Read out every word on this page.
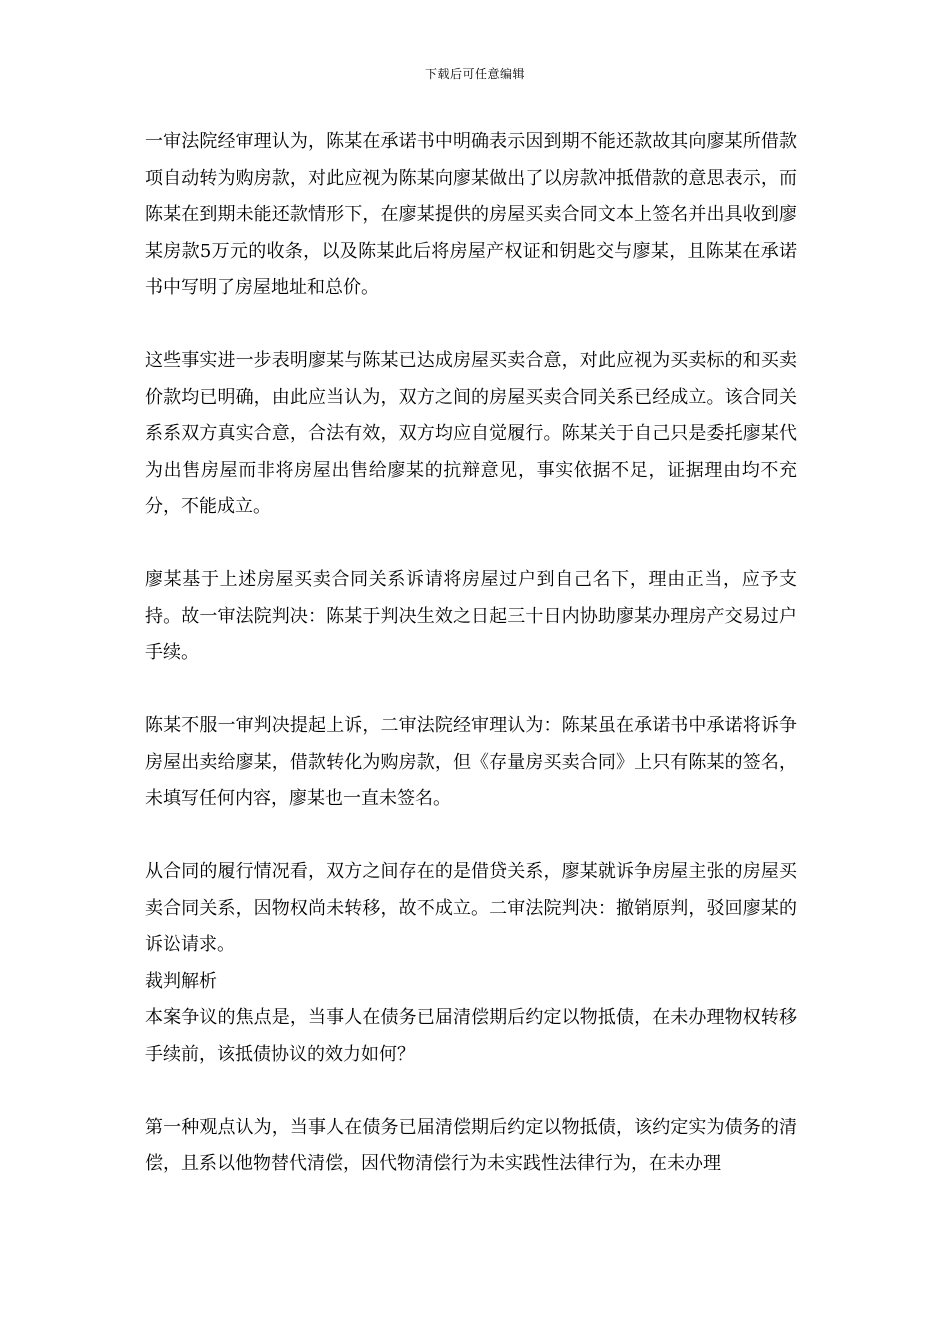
下载后可任意编辑

一审法院经审理认为，陈某在承诺书中明确表示因到期不能还款故其向廖某所借款项自动转为购房款，对此应视为陈某向廖某做出了以房款冲抵借款的意思表示，而陈某在到期未能还款情形下，在廖某提供的房屋买卖合同文本上签名并出具收到廖某房款5万元的收条，以及陈某此后将房屋产权证和钥匙交与廖某，且陈某在承诺书中写明了房屋地址和总价。

这些事实进一步表明廖某与陈某已达成房屋买卖合意，对此应视为买卖标的和买卖价款均已明确，由此应当认为，双方之间的房屋买卖合同关系已经成立。该合同关系系双方真实合意，合法有效，双方均应自觉履行。陈某关于自己只是委托廖某代为出售房屋而非将房屋出售给廖某的抗辩意见，事实依据不足，证据理由均不充分，不能成立。

廖某基于上述房屋买卖合同关系诉请将房屋过户到自己名下，理由正当，应予支持。故一审法院判决：陈某于判决生效之日起三十日内协助廖某办理房产交易过户手续。

陈某不服一审判决提起上诉，二审法院经审理认为：陈某虽在承诺书中承诺将诉争房屋出卖给廖某，借款转化为购房款，但《存量房买卖合同》上只有陈某的签名，未填写任何内容，廖某也一直未签名。

从合同的履行情况看，双方之间存在的是借贷关系，廖某就诉争房屋主张的房屋买卖合同关系，因物权尚未转移，故不成立。二审法院判决：撤销原判，驳回廖某的诉讼请求。

裁判解析

本案争议的焦点是，当事人在债务已届清偿期后约定以物抵债，在未办理物权转移手续前，该抵债协议的效力如何？

第一种观点认为，当事人在债务已届清偿期后约定以物抵债，该约定实为债务的清偿，且系以他物替代清偿，因代物清偿行为未实践性法律行为，在未办理
